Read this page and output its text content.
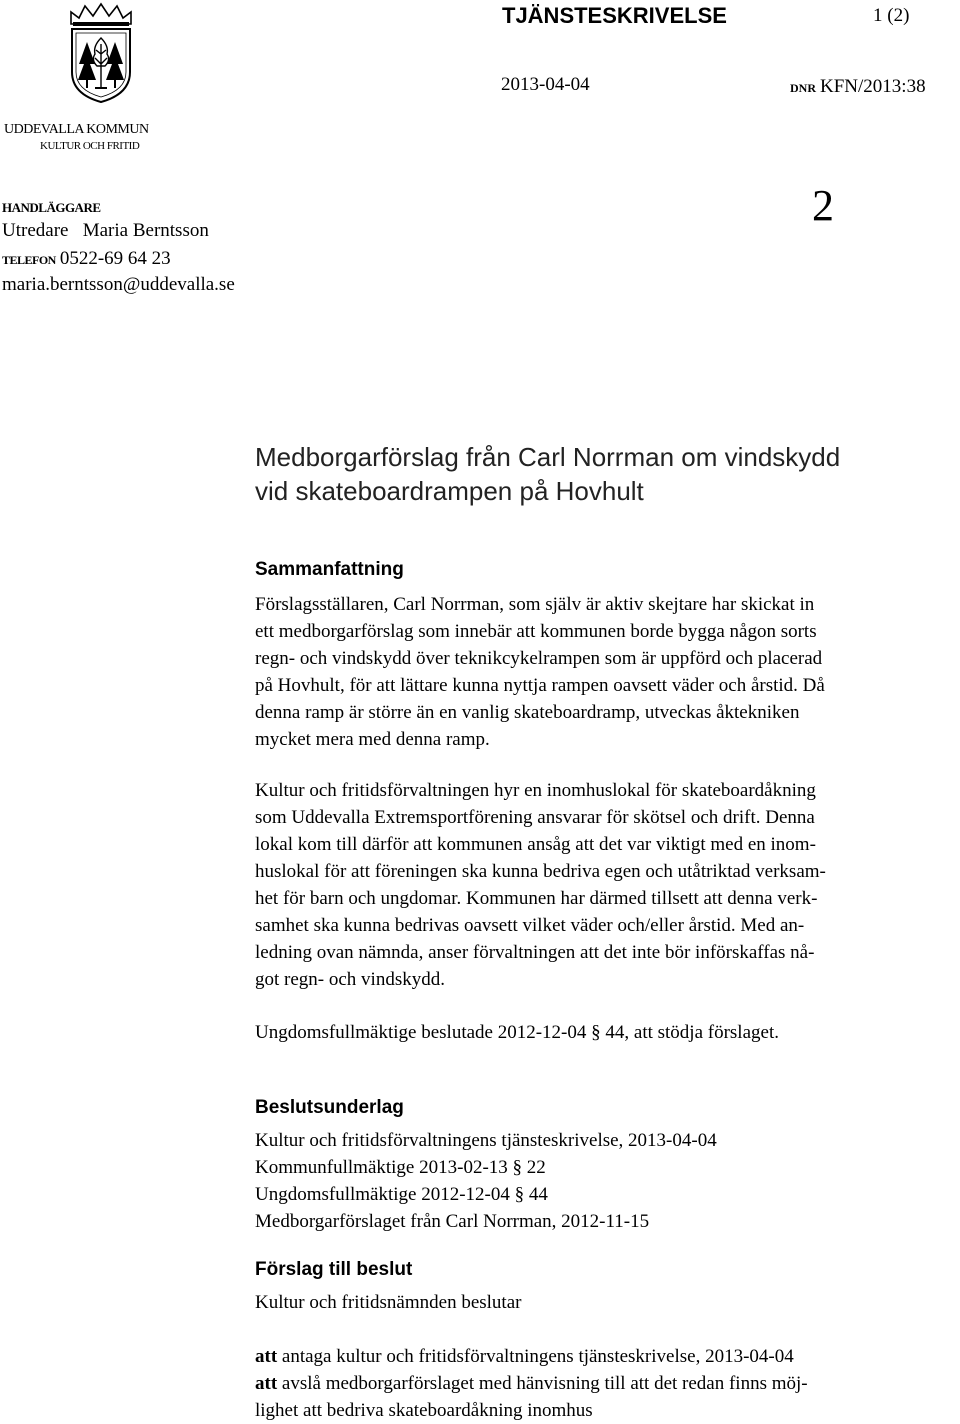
TJÄNSTESKRIVELSE	1 (2)
2013-04-04	DNR KFN/2013:38
UDDEVALLA KOMMUN
KULTUR OCH FRITID
HANDLÄGGARE
Utredare Maria Berntsson
TELEFON 0522-69 64 23
maria.berntsson@uddevalla.se
2
Medborgarförslag från Carl Norrman om vindskydd
vid skateboardrampen på Hovhult
Sammanfattning
Förslagsställaren, Carl Norrman, som själv är aktiv skejtare har skickat in
ett medborgarförslag som innebär att kommunen borde bygga någon sorts
regn- och vindskydd över teknikcykelrampen som är uppförd och placerad
på Hovhult, för att lättare kunna nyttja rampen oavsett väder och årstid. Då
denna ramp är större än en vanlig skateboardramp, utveckas åktekniken
mycket mera med denna ramp.
Kultur och fritidsförvaltningen hyr en inomhuslokal för skateboardåkning
som Uddevalla Extremsportförening ansvarar för skötsel och drift. Denna
lokal kom till därför att kommunen ansåg att det var viktigt med en inom-
huslokal för att föreningen ska kunna bedriva egen och utåtriktad verksam-
het för barn och ungdomar. Kommunen har därmed tillsett att denna verk-
samhet ska kunna bedrivas oavsett vilket väder och/eller årstid. Med an-
ledning ovan nämnda, anser förvaltningen att det inte bör införskaffas nå-
got regn- och vindskydd.
Ungdomsfullmäktige beslutade 2012-12-04 § 44, att stödja förslaget.
Beslutsunderlag
Kultur och fritidsförvaltningens tjänsteskrivelse, 2013-04-04
Kommunfullmäktige 2013-02-13 § 22
Ungdomsfullmäktige 2012-12-04 § 44
Medborgarförslaget från Carl Norrman, 2012-11-15
Förslag till beslut
Kultur och fritidsnämnden beslutar
att antaga kultur och fritidsförvaltningens tjänsteskrivelse, 2013-04-04
att avslå medborgarförslaget med hänvisning till att det redan finns möj-
lighet att bedriva skateboardåkning inomhus
